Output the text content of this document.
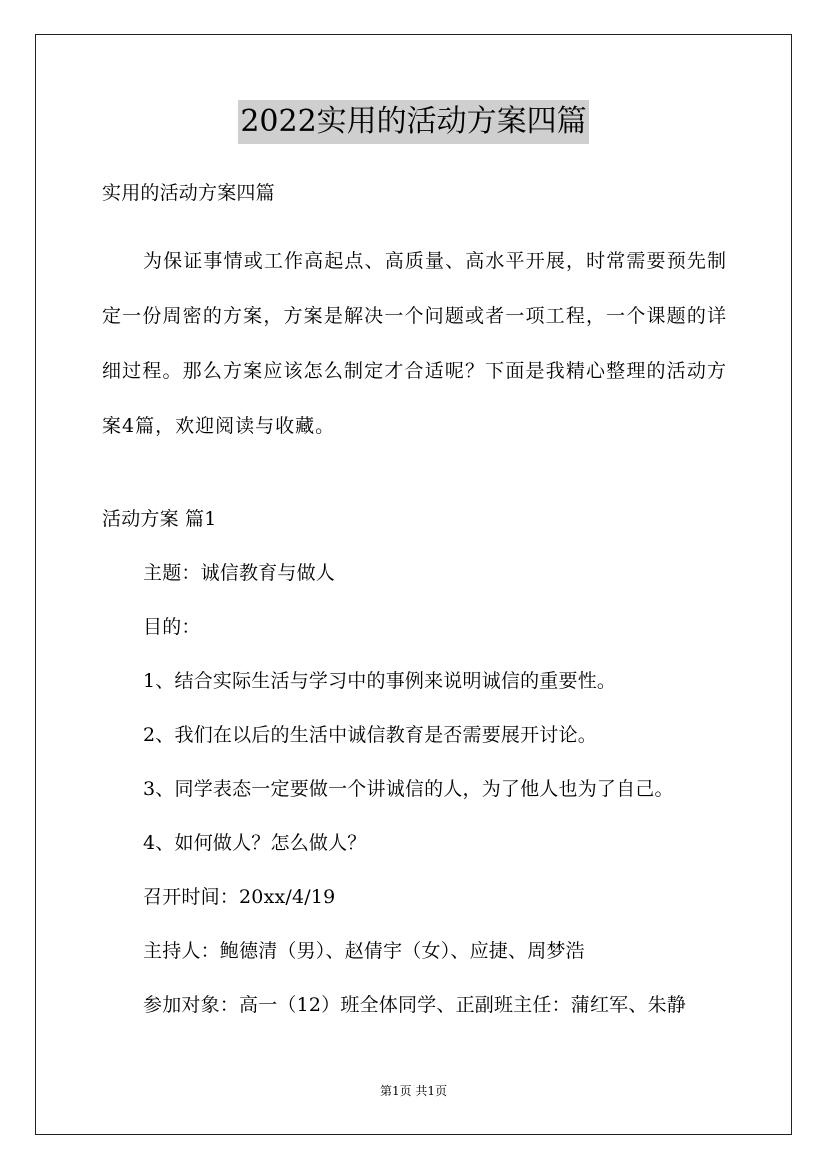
2022实用的活动方案四篇
实用的活动方案四篇
为保证事情或工作高起点、高质量、高水平开展，时常需要预先制定一份周密的方案，方案是解决一个问题或者一项工程，一个课题的详细过程。那么方案应该怎么制定才合适呢？下面是我精心整理的活动方案4篇，欢迎阅读与收藏。
活动方案 篇1
主题：诚信教育与做人
目的：
1、结合实际生活与学习中的事例来说明诚信的重要性。
2、我们在以后的生活中诚信教育是否需要展开讨论。
3、同学表态一定要做一个讲诚信的人，为了他人也为了自己。
4、如何做人？怎么做人？
召开时间：20xx/4/19
主持人：鲍德清（男）、赵倩宇（女）、应捷、周梦浩
参加对象：高一（12）班全体同学、正副班主任：蒲红军、朱静
第1页 共1页
